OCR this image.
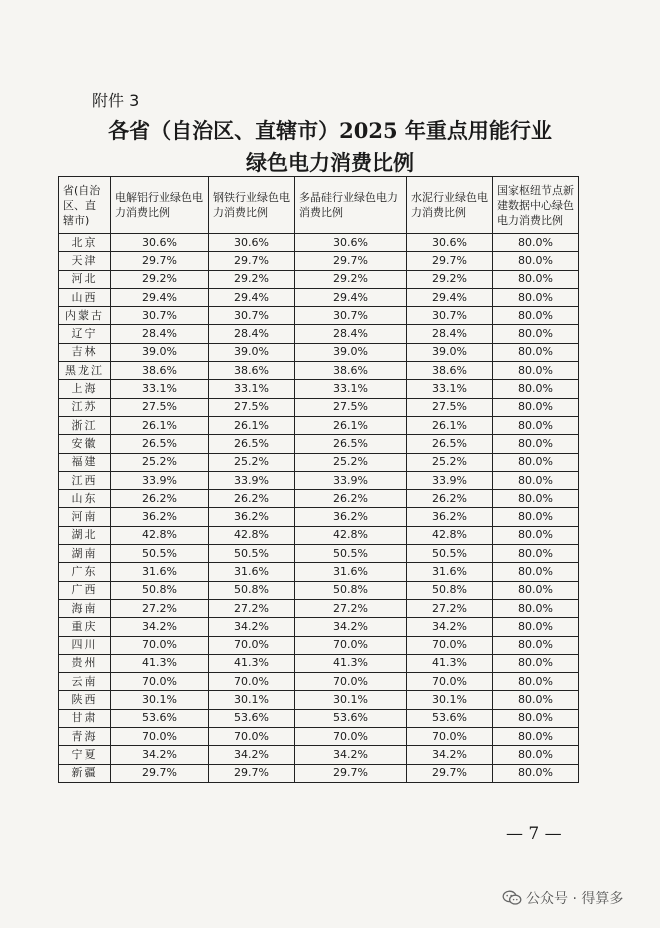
附件 3
各省（自治区、直辖市）2025 年重点用能行业
绿色电力消费比例
省(自治区、直辖市)	电解铝行业绿色电力消费比例	钢铁行业绿色电力消费比例	多晶硅行业绿色电力消费比例	水泥行业绿色电力消费比例	国家枢纽节点新建数据中心绿色电力消费比例
北京	30.6%	30.6%	30.6%	30.6%	80.0%
天津	29.7%	29.7%	29.7%	29.7%	80.0%
河北	29.2%	29.2%	29.2%	29.2%	80.0%
山西	29.4%	29.4%	29.4%	29.4%	80.0%
内蒙古	30.7%	30.7%	30.7%	30.7%	80.0%
辽宁	28.4%	28.4%	28.4%	28.4%	80.0%
吉林	39.0%	39.0%	39.0%	39.0%	80.0%
黑龙江	38.6%	38.6%	38.6%	38.6%	80.0%
上海	33.1%	33.1%	33.1%	33.1%	80.0%
江苏	27.5%	27.5%	27.5%	27.5%	80.0%
浙江	26.1%	26.1%	26.1%	26.1%	80.0%
安徽	26.5%	26.5%	26.5%	26.5%	80.0%
福建	25.2%	25.2%	25.2%	25.2%	80.0%
江西	33.9%	33.9%	33.9%	33.9%	80.0%
山东	26.2%	26.2%	26.2%	26.2%	80.0%
河南	36.2%	36.2%	36.2%	36.2%	80.0%
湖北	42.8%	42.8%	42.8%	42.8%	80.0%
湖南	50.5%	50.5%	50.5%	50.5%	80.0%
广东	31.6%	31.6%	31.6%	31.6%	80.0%
广西	50.8%	50.8%	50.8%	50.8%	80.0%
海南	27.2%	27.2%	27.2%	27.2%	80.0%
重庆	34.2%	34.2%	34.2%	34.2%	80.0%
四川	70.0%	70.0%	70.0%	70.0%	80.0%
贵州	41.3%	41.3%	41.3%	41.3%	80.0%
云南	70.0%	70.0%	70.0%	70.0%	80.0%
陕西	30.1%	30.1%	30.1%	30.1%	80.0%
甘肃	53.6%	53.6%	53.6%	53.6%	80.0%
青海	70.0%	70.0%	70.0%	70.0%	80.0%
宁夏	34.2%	34.2%	34.2%	34.2%	80.0%
新疆	29.7%	29.7%	29.7%	29.7%	80.0%
— 7 —
公众号 · 得算多
